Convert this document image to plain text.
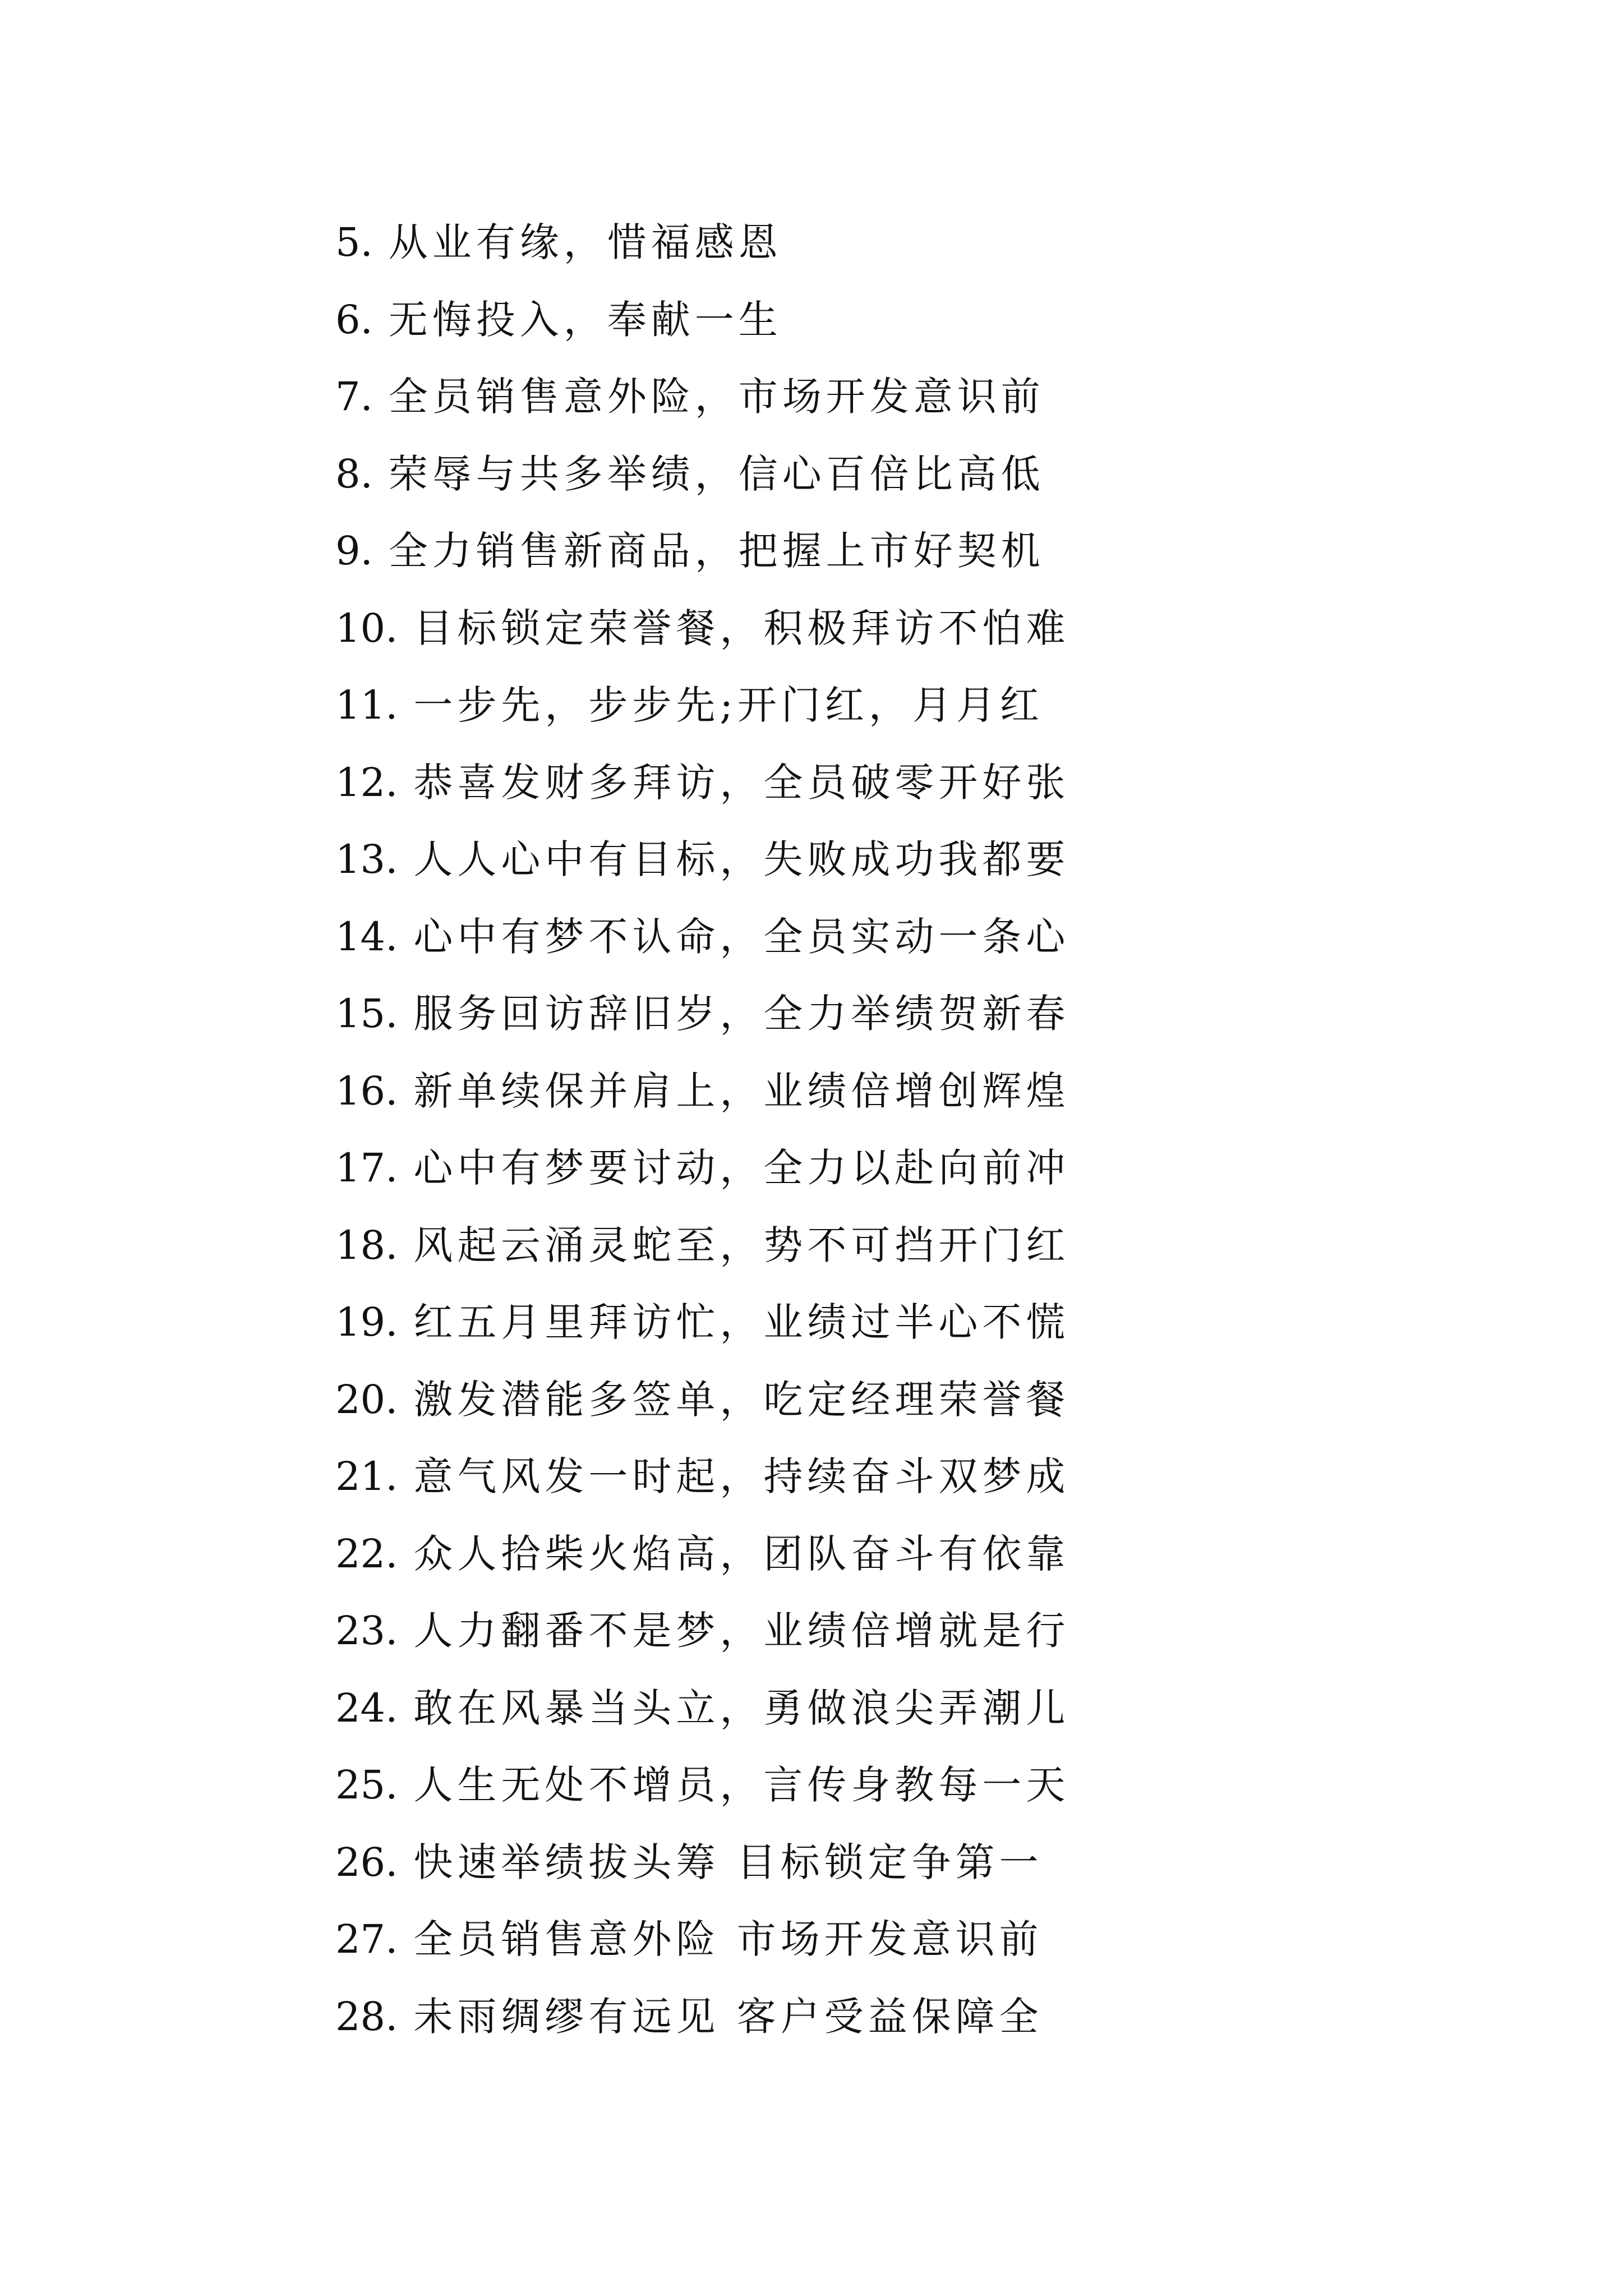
5. 从业有缘，惜福感恩
6. 无悔投入，奉献一生
7. 全员销售意外险，市场开发意识前
8. 荣辱与共多举绩，信心百倍比高低
9. 全力销售新商品，把握上市好契机
10. 目标锁定荣誉餐，积极拜访不怕难
11. 一步先，步步先;开门红，月月红
12. 恭喜发财多拜访，全员破零开好张
13. 人人心中有目标，失败成功我都要
14. 心中有梦不认命，全员实动一条心
15. 服务回访辞旧岁，全力举绩贺新春
16. 新单续保并肩上，业绩倍增创辉煌
17. 心中有梦要讨动，全力以赴向前冲
18. 风起云涌灵蛇至，势不可挡开门红
19. 红五月里拜访忙，业绩过半心不慌
20. 激发潜能多签单，吃定经理荣誉餐
21. 意气风发一时起，持续奋斗双梦成
22. 众人拾柴火焰高，团队奋斗有依靠
23. 人力翻番不是梦，业绩倍增就是行
24. 敢在风暴当头立，勇做浪尖弄潮儿
25. 人生无处不增员，言传身教每一天
26. 快速举绩拔头筹 目标锁定争第一
27. 全员销售意外险 市场开发意识前
28. 未雨绸缪有远见 客户受益保障全
